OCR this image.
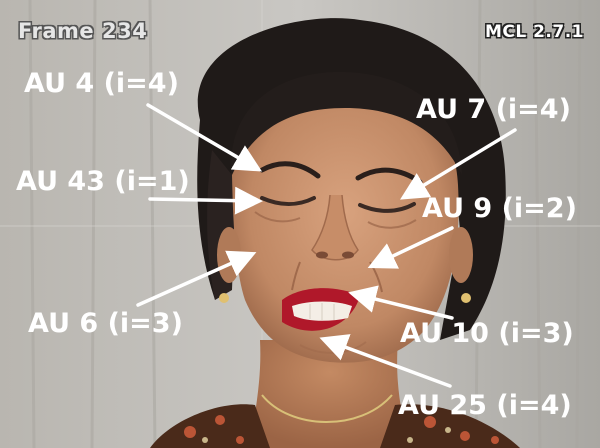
Frame 234	MCL 2.7.1
AU 4 (i=4)
AU 43 (i=1)
AU 6 (i=3)
AU 7 (i=4)
AU 9 (i=2)
AU 10 (i=3)
AU 25 (i=4)
